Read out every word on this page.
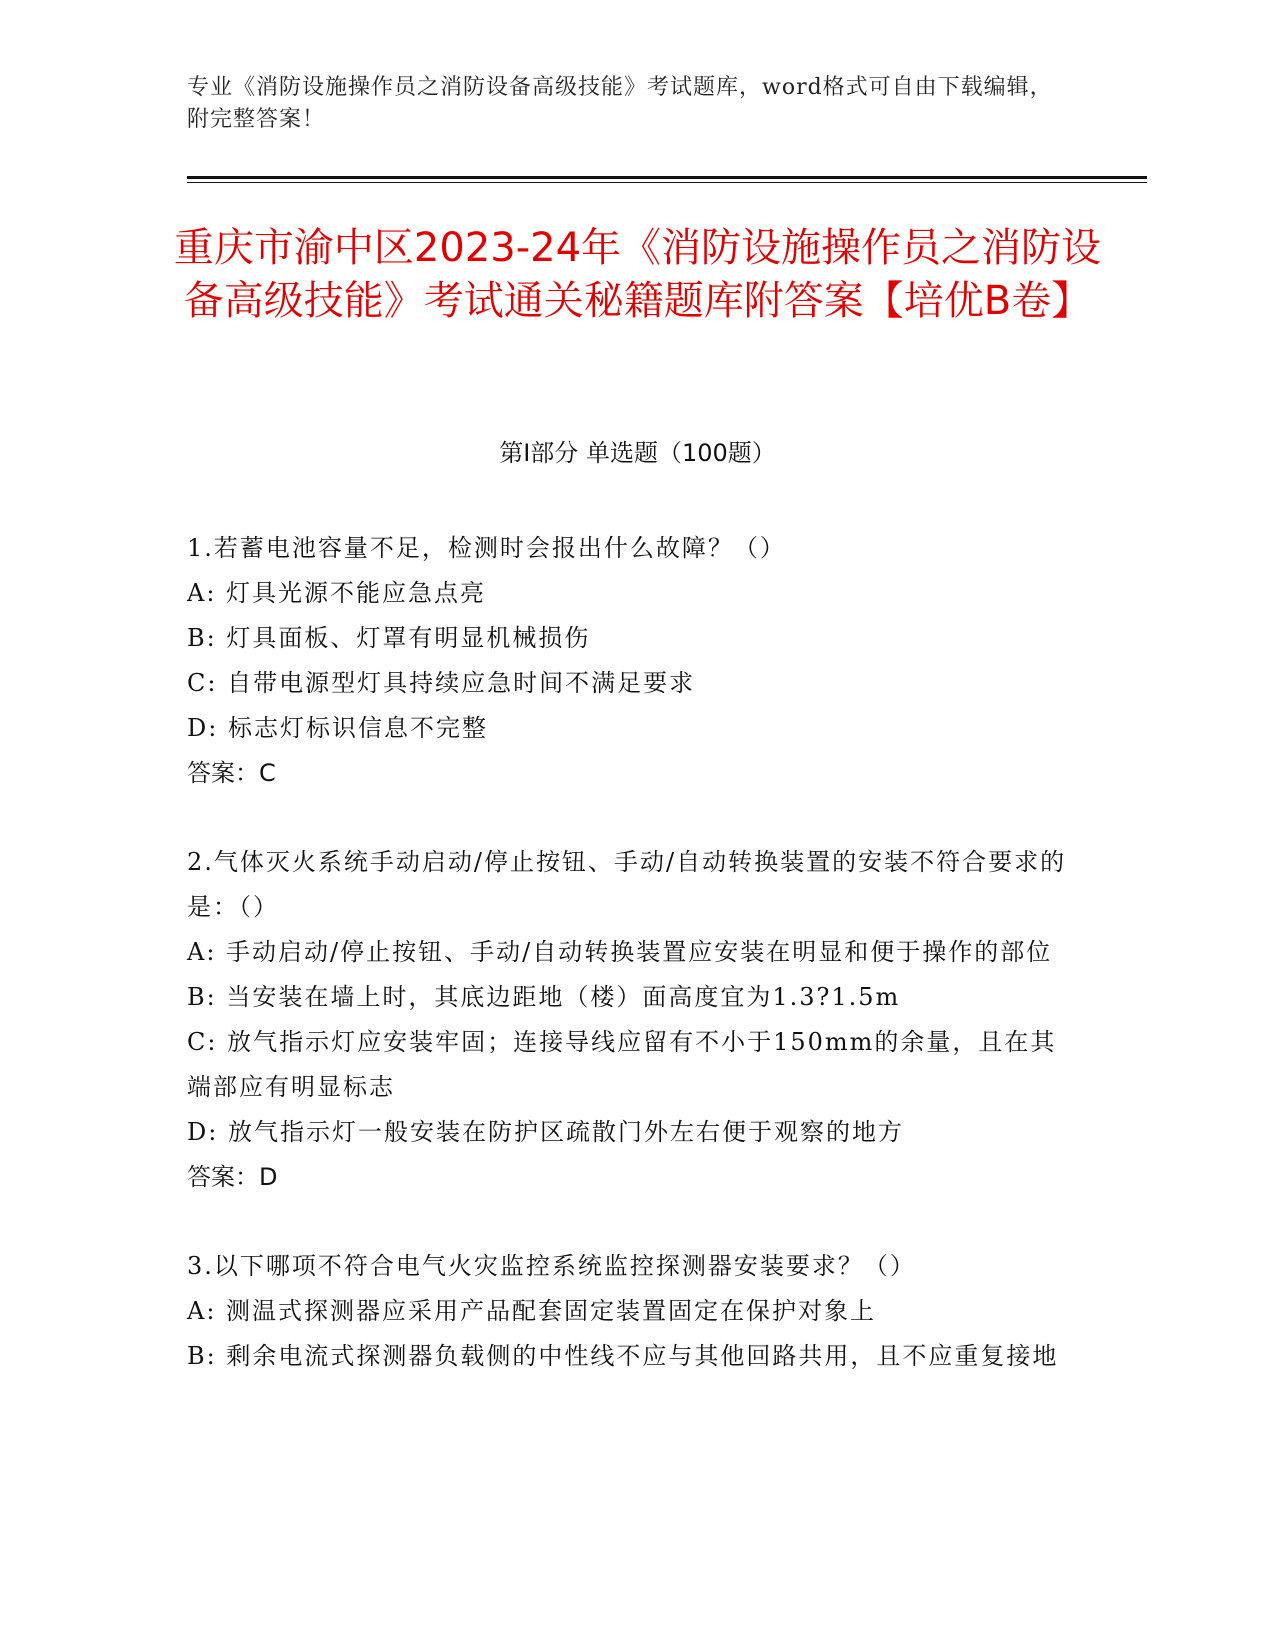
专业《消防设施操作员之消防设备高级技能》考试题库，word格式可自由下载编辑，附完整答案！
重庆市渝中区2023-24年《消防设施操作员之消防设备高级技能》考试通关秘籍题库附答案【培优B卷】
第Ⅰ部分 单选题（100题）

1.若蓄电池容量不足，检测时会报出什么故障？（）

A: 灯具光源不能应急点亮

B: 灯具面板、灯罩有明显机械损伤

C: 自带电源型灯具持续应急时间不满足要求

D: 标志灯标识信息不完整

答案：C

2.气体灭火系统手动启动/停止按钮、手动/自动转换装置的安装不符合要求的是：（）

A: 手动启动/停止按钮、手动/自动转换装置应安装在明显和便于操作的部位

B: 当安装在墙上时，其底边距地（楼）面高度宜为1.3?1.5m

C: 放气指示灯应安装牢固；连接导线应留有不小于150mm的余量，且在其端部应有明显标志

D: 放气指示灯一般安装在防护区疏散门外左右便于观察的地方

答案：D

3.以下哪项不符合电气火灾监控系统监控探测器安装要求？（）

A: 测温式探测器应采用产品配套固定装置固定在保护对象上

B: 剩余电流式探测器负载侧的中性线不应与其他回路共用，且不应重复接地
